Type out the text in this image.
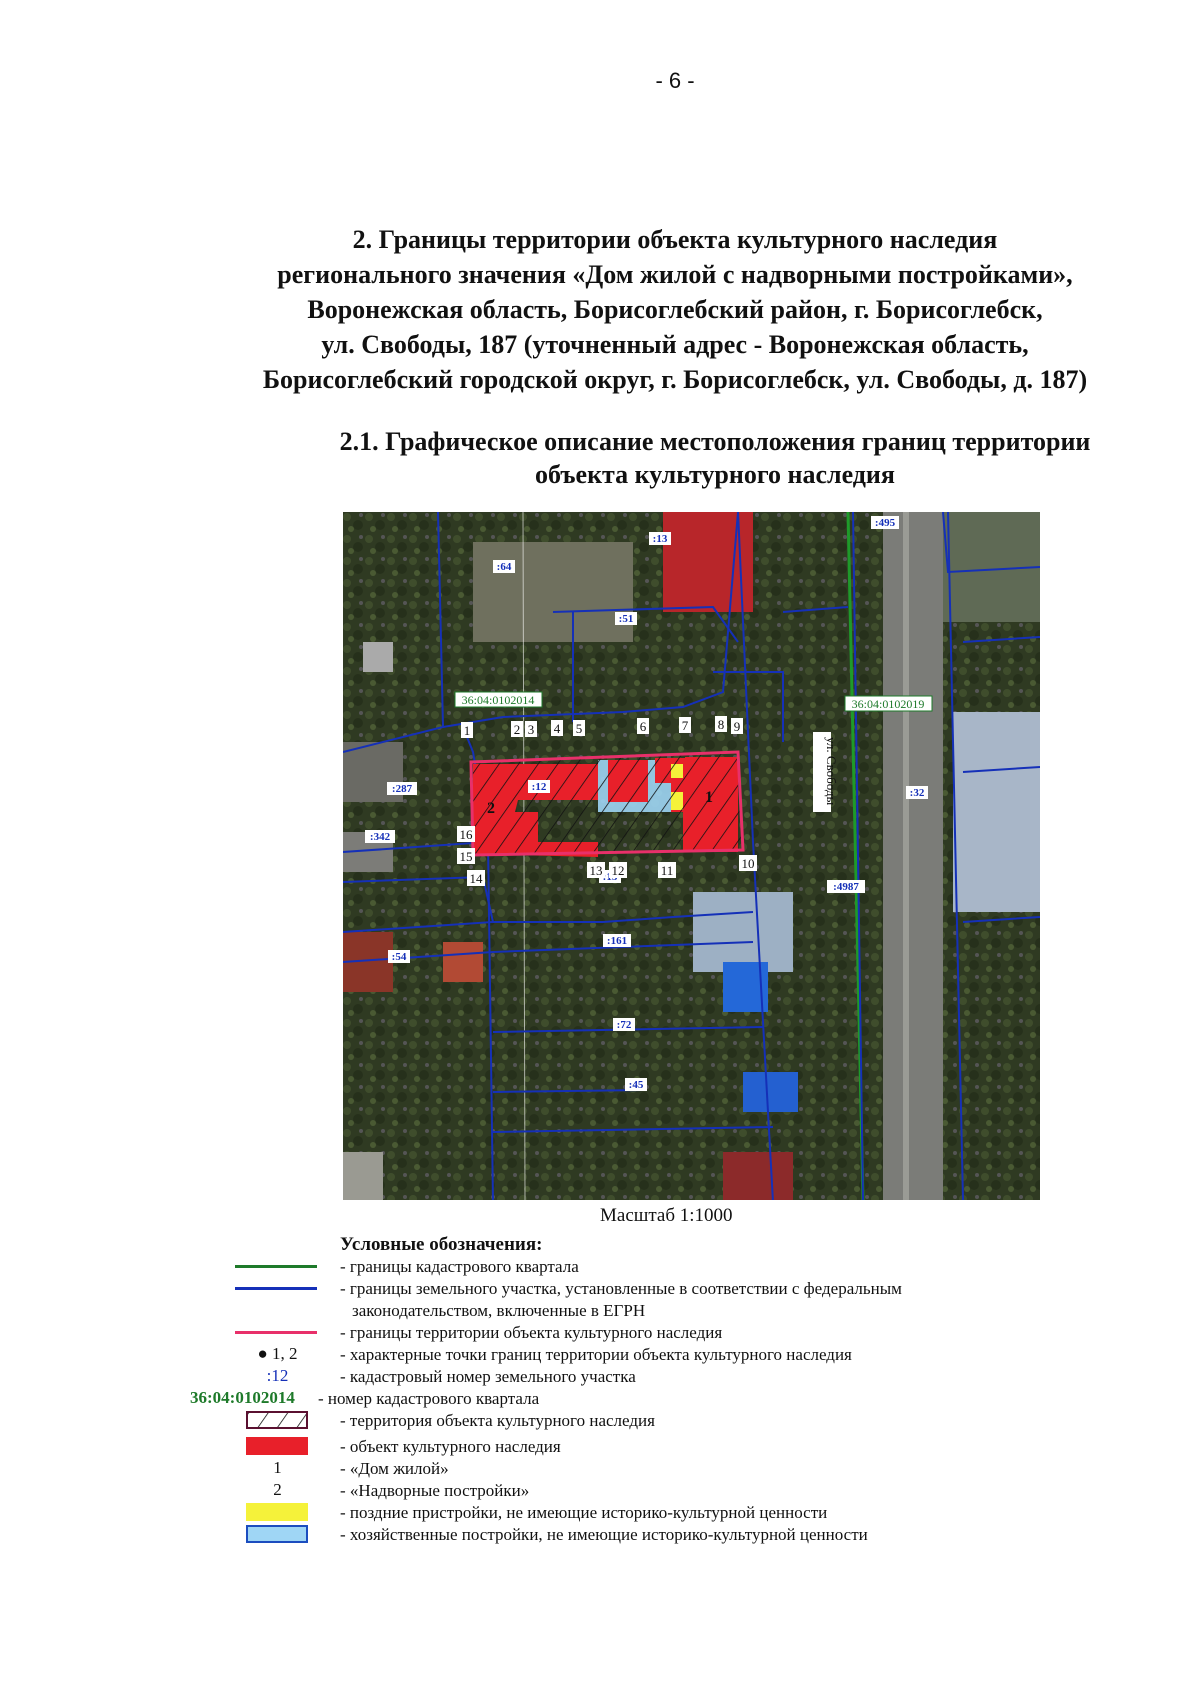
- 6 -
2. Границы территории объекта культурного наследия
регионального значения «Дом жилой с надворными постройками»,
Воронежская область, Борисоглебский район, г. Борисоглебск,
ул. Свободы, 187 (уточненный адрес - Воронежская область,
Борисоглебский городской округ, г. Борисоглебск, ул. Свободы, д. 187)
2.1. Графическое описание местоположения границ территории
объекта культурного наследия
36:04:0102014	36:04:0102019
:495
:13
:64
:51
:287	:12	:32
:342
:4987
:161
:54
:72
:45
ул. Свободы
1	2 3 4 5	6	7 8 9
10
11
12
13
14
15
16
1
2
Масштаб 1:1000
Условные обозначения:
- границы кадастрового квартала
- границы земельного участка, установленные в соответствии с федеральным
законодательством, включенные в ЕГРН
- границы территории объекта культурного наследия
● 1, 2	- характерные точки границ территории объекта культурного наследия
:12	- кадастровый номер земельного участка
36:04:0102014 - номер кадастрового квартала
- территория объекта культурного наследия
- объект культурного наследия
1	- «Дом жилой»
2	- «Надворные постройки»
- поздние пристройки, не имеющие историко-культурной ценности
- хозяйственные постройки, не имеющие историко-культурной ценности
